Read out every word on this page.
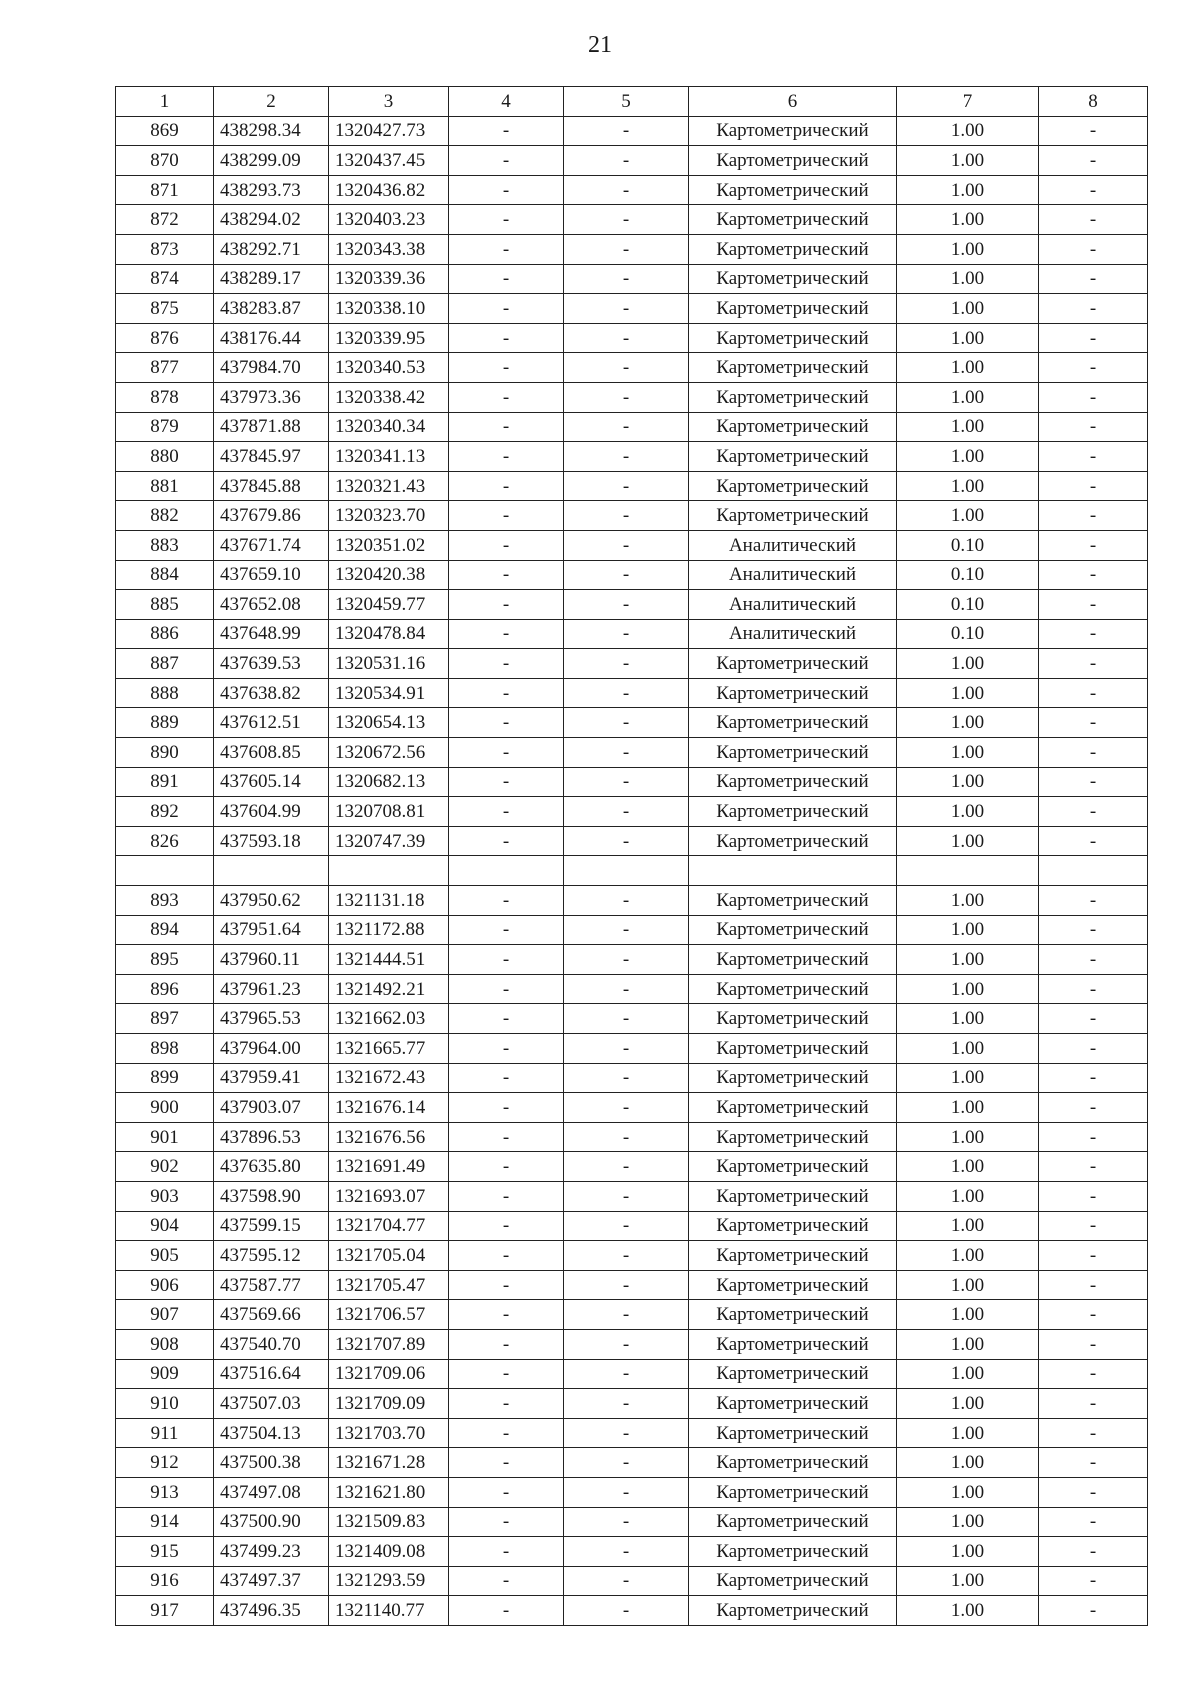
21
1	2	3	4	5	6	7	8
869	438298.34	1320427.73	-	-	Картометрический	1.00	-
870	438299.09	1320437.45	-	-	Картометрический	1.00	-
871	438293.73	1320436.82	-	-	Картометрический	1.00	-
872	438294.02	1320403.23	-	-	Картометрический	1.00	-
873	438292.71	1320343.38	-	-	Картометрический	1.00	-
874	438289.17	1320339.36	-	-	Картометрический	1.00	-
875	438283.87	1320338.10	-	-	Картометрический	1.00	-
876	438176.44	1320339.95	-	-	Картометрический	1.00	-
877	437984.70	1320340.53	-	-	Картометрический	1.00	-
878	437973.36	1320338.42	-	-	Картометрический	1.00	-
879	437871.88	1320340.34	-	-	Картометрический	1.00	-
880	437845.97	1320341.13	-	-	Картометрический	1.00	-
881	437845.88	1320321.43	-	-	Картометрический	1.00	-
882	437679.86	1320323.70	-	-	Картометрический	1.00	-
883	437671.74	1320351.02	-	-	Аналитический	0.10	-
884	437659.10	1320420.38	-	-	Аналитический	0.10	-
885	437652.08	1320459.77	-	-	Аналитический	0.10	-
886	437648.99	1320478.84	-	-	Аналитический	0.10	-
887	437639.53	1320531.16	-	-	Картометрический	1.00	-
888	437638.82	1320534.91	-	-	Картометрический	1.00	-
889	437612.51	1320654.13	-	-	Картометрический	1.00	-
890	437608.85	1320672.56	-	-	Картометрический	1.00	-
891	437605.14	1320682.13	-	-	Картометрический	1.00	-
892	437604.99	1320708.81	-	-	Картометрический	1.00	-
826	437593.18	1320747.39	-	-	Картометрический	1.00	-

893	437950.62	1321131.18	-	-	Картометрический	1.00	-
894	437951.64	1321172.88	-	-	Картометрический	1.00	-
895	437960.11	1321444.51	-	-	Картометрический	1.00	-
896	437961.23	1321492.21	-	-	Картометрический	1.00	-
897	437965.53	1321662.03	-	-	Картометрический	1.00	-
898	437964.00	1321665.77	-	-	Картометрический	1.00	-
899	437959.41	1321672.43	-	-	Картометрический	1.00	-
900	437903.07	1321676.14	-	-	Картометрический	1.00	-
901	437896.53	1321676.56	-	-	Картометрический	1.00	-
902	437635.80	1321691.49	-	-	Картометрический	1.00	-
903	437598.90	1321693.07	-	-	Картометрический	1.00	-
904	437599.15	1321704.77	-	-	Картометрический	1.00	-
905	437595.12	1321705.04	-	-	Картометрический	1.00	-
906	437587.77	1321705.47	-	-	Картометрический	1.00	-
907	437569.66	1321706.57	-	-	Картометрический	1.00	-
908	437540.70	1321707.89	-	-	Картометрический	1.00	-
909	437516.64	1321709.06	-	-	Картометрический	1.00	-
910	437507.03	1321709.09	-	-	Картометрический	1.00	-
911	437504.13	1321703.70	-	-	Картометрический	1.00	-
912	437500.38	1321671.28	-	-	Картометрический	1.00	-
913	437497.08	1321621.80	-	-	Картометрический	1.00	-
914	437500.90	1321509.83	-	-	Картометрический	1.00	-
915	437499.23	1321409.08	-	-	Картометрический	1.00	-
916	437497.37	1321293.59	-	-	Картометрический	1.00	-
917	437496.35	1321140.77	-	-	Картометрический	1.00	-
